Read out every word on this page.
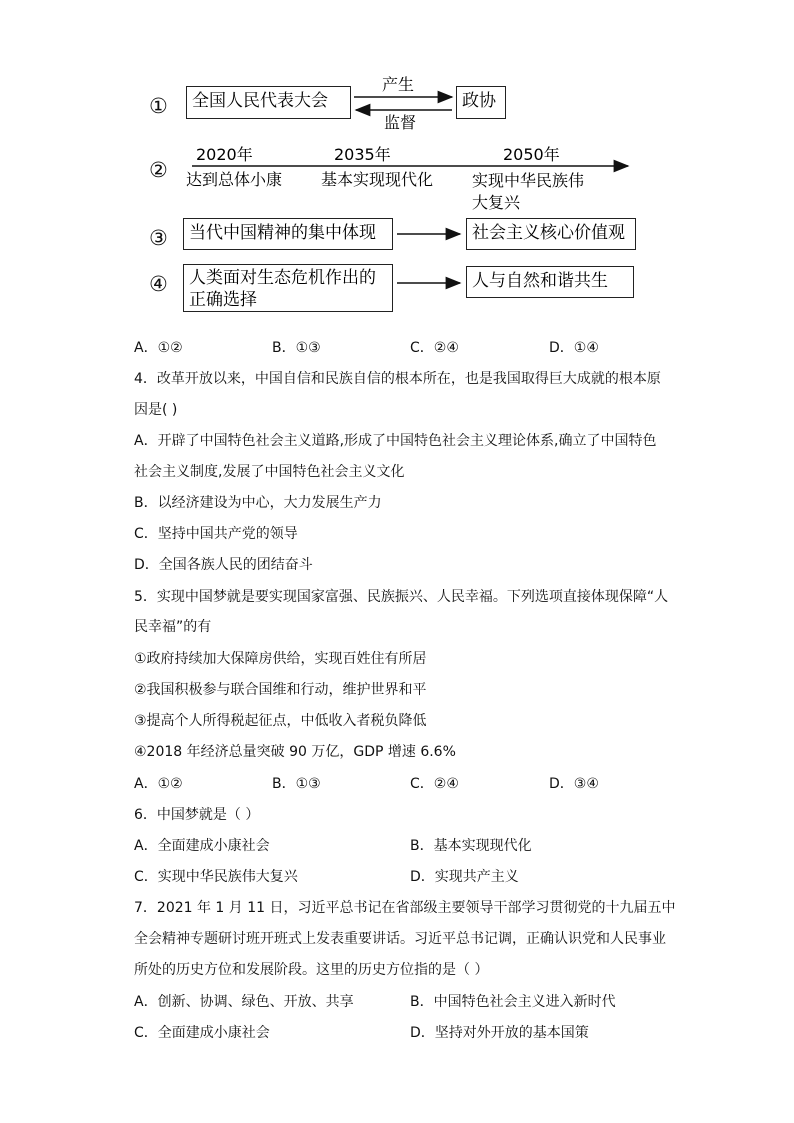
①	全国人民代表大会
产生
监督
政协
②
2020年
达到总体小康
2035年
基本实现现代化
2050年
实现中华民族伟
大复兴
③	当代中国精神的集中体现	社会主义核心价值观
④ 人类面对生态危机作出的
正确选择
人与自然和谐共生
A．①②	B．①③	C．②④	D．①④
4．改革开放以来，中国自信和民族自信的根本所在，也是我国取得巨大成就的根本原
因是( )
A．开辟了中国特色社会主义道路,形成了中国特色社会主义理论体系,确立了中国特色
社会主义制度,发展了中国特色社会主义文化
B．以经济建设为中心，大力发展生产力
C．坚持中国共产党的领导
D．全国各族人民的团结奋斗
5．实现中国梦就是要实现国家富强、民族振兴、人民幸福。下列选项直接体现保障“人
民幸福”的有
①政府持续加大保障房供给，实现百姓住有所居
②我国积极参与联合国维和行动，维护世界和平
③提高个人所得税起征点，中低收入者税负降低
④2018 年经济总量突破 90 万亿，GDP 增速 6.6%
A．①②	B．①③	C．②④	D．③④
6．中国梦就是（ ）
A．全面建成小康社会	B．基本实现现代化
C．实现中华民族伟大复兴	D．实现共产主义
7．2021 年 1 月 11 日，习近平总书记在省部级主要领导干部学习贯彻党的十九届五中
全会精神专题研讨班开班式上发表重要讲话。习近平总书记调，正确认识党和人民事业
所处的历史方位和发展阶段。这里的历史方位指的是（ ）
A．创新、协调、绿色、开放、共享	B．中国特色社会主义进入新时代
C．全面建成小康社会	D．坚持对外开放的基本国策
